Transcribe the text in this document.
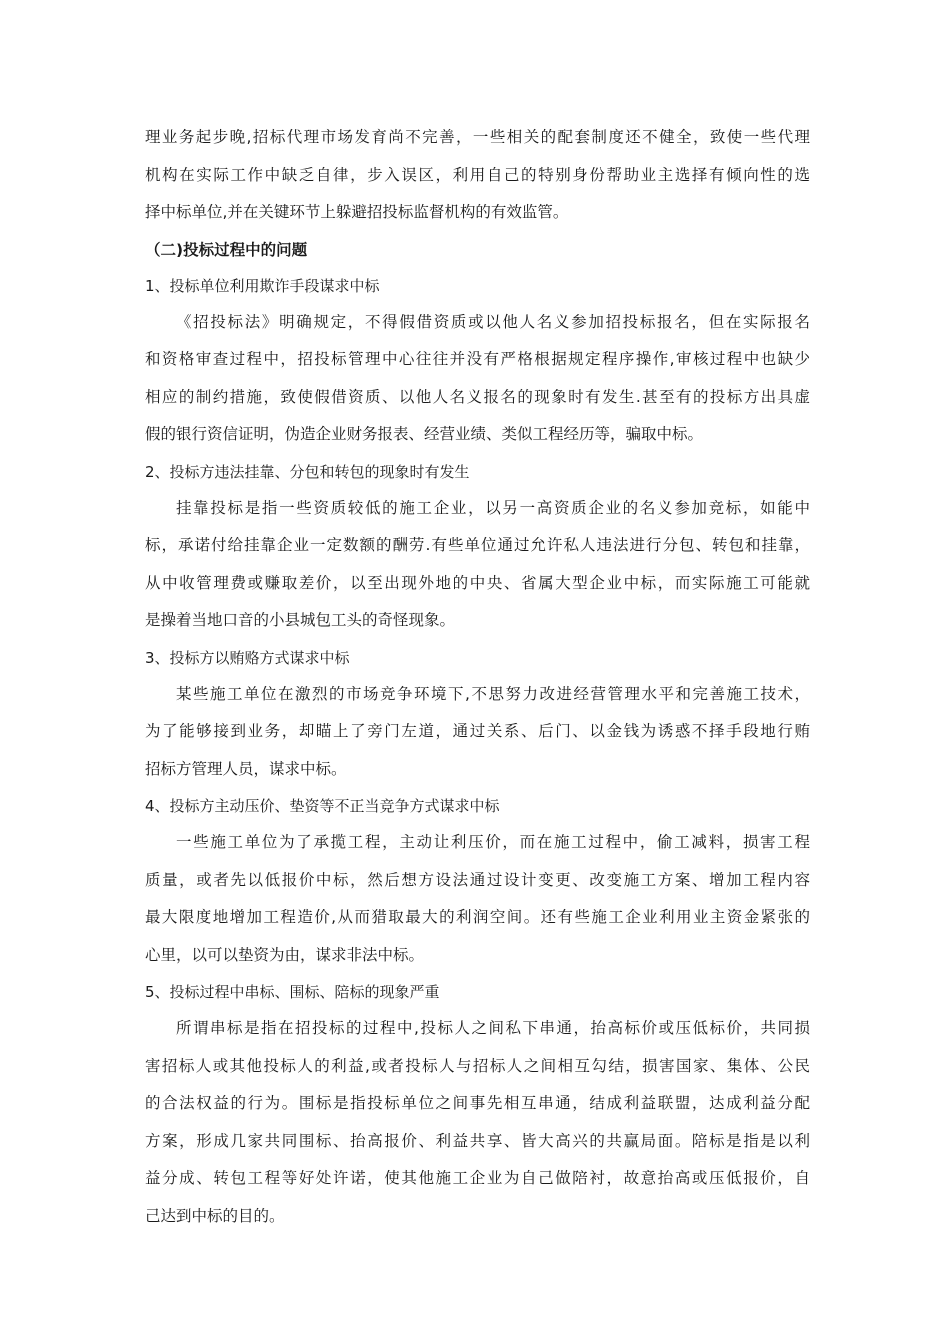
理业务起步晚,招标代理市场发育尚不完善，一些相关的配套制度还不健全，致使一些代理
机构在实际工作中缺乏自律，步入误区，利用自己的特别身份帮助业主选择有倾向性的选
择中标单位,并在关键环节上躲避招投标监督机构的有效监管。
（二)投标过程中的问题
1、投标单位利用欺诈手段谋求中标
《招投标法》明确规定，不得假借资质或以他人名义参加招投标报名，但在实际报名
和资格审查过程中，招投标管理中心往往并没有严格根据规定程序操作,审核过程中也缺少
相应的制约措施，致使假借资质、以他人名义报名的现象时有发生.甚至有的投标方出具虚
假的银行资信证明，伪造企业财务报表、经营业绩、类似工程经历等，骗取中标。
2、投标方违法挂靠、分包和转包的现象时有发生
挂靠投标是指一些资质较低的施工企业，以另一高资质企业的名义参加竞标，如能中
标，承诺付给挂靠企业一定数额的酬劳.有些单位通过允许私人违法进行分包、转包和挂靠，
从中收管理费或赚取差价，以至出现外地的中央、省属大型企业中标，而实际施工可能就
是操着当地口音的小县城包工头的奇怪现象。
3、投标方以贿赂方式谋求中标
某些施工单位在激烈的市场竞争环境下,不思努力改进经营管理水平和完善施工技术，
为了能够接到业务，却瞄上了旁门左道，通过关系、后门、以金钱为诱惑不择手段地行贿
招标方管理人员，谋求中标。
4、投标方主动压价、垫资等不正当竞争方式谋求中标
一些施工单位为了承揽工程，主动让利压价，而在施工过程中，偷工减料，损害工程
质量，或者先以低报价中标，然后想方设法通过设计变更、改变施工方案、增加工程内容
最大限度地增加工程造价,从而猎取最大的利润空间。还有些施工企业利用业主资金紧张的
心里，以可以垫资为由，谋求非法中标。
5、投标过程中串标、围标、陪标的现象严重
所谓串标是指在招投标的过程中,投标人之间私下串通，抬高标价或压低标价，共同损
害招标人或其他投标人的利益,或者投标人与招标人之间相互勾结，损害国家、集体、公民
的合法权益的行为。围标是指投标单位之间事先相互串通，结成利益联盟，达成利益分配
方案，形成几家共同围标、抬高报价、利益共享、皆大高兴的共赢局面。陪标是指是以利
益分成、转包工程等好处许诺，使其他施工企业为自己做陪衬，故意抬高或压低报价，自
己达到中标的目的。
